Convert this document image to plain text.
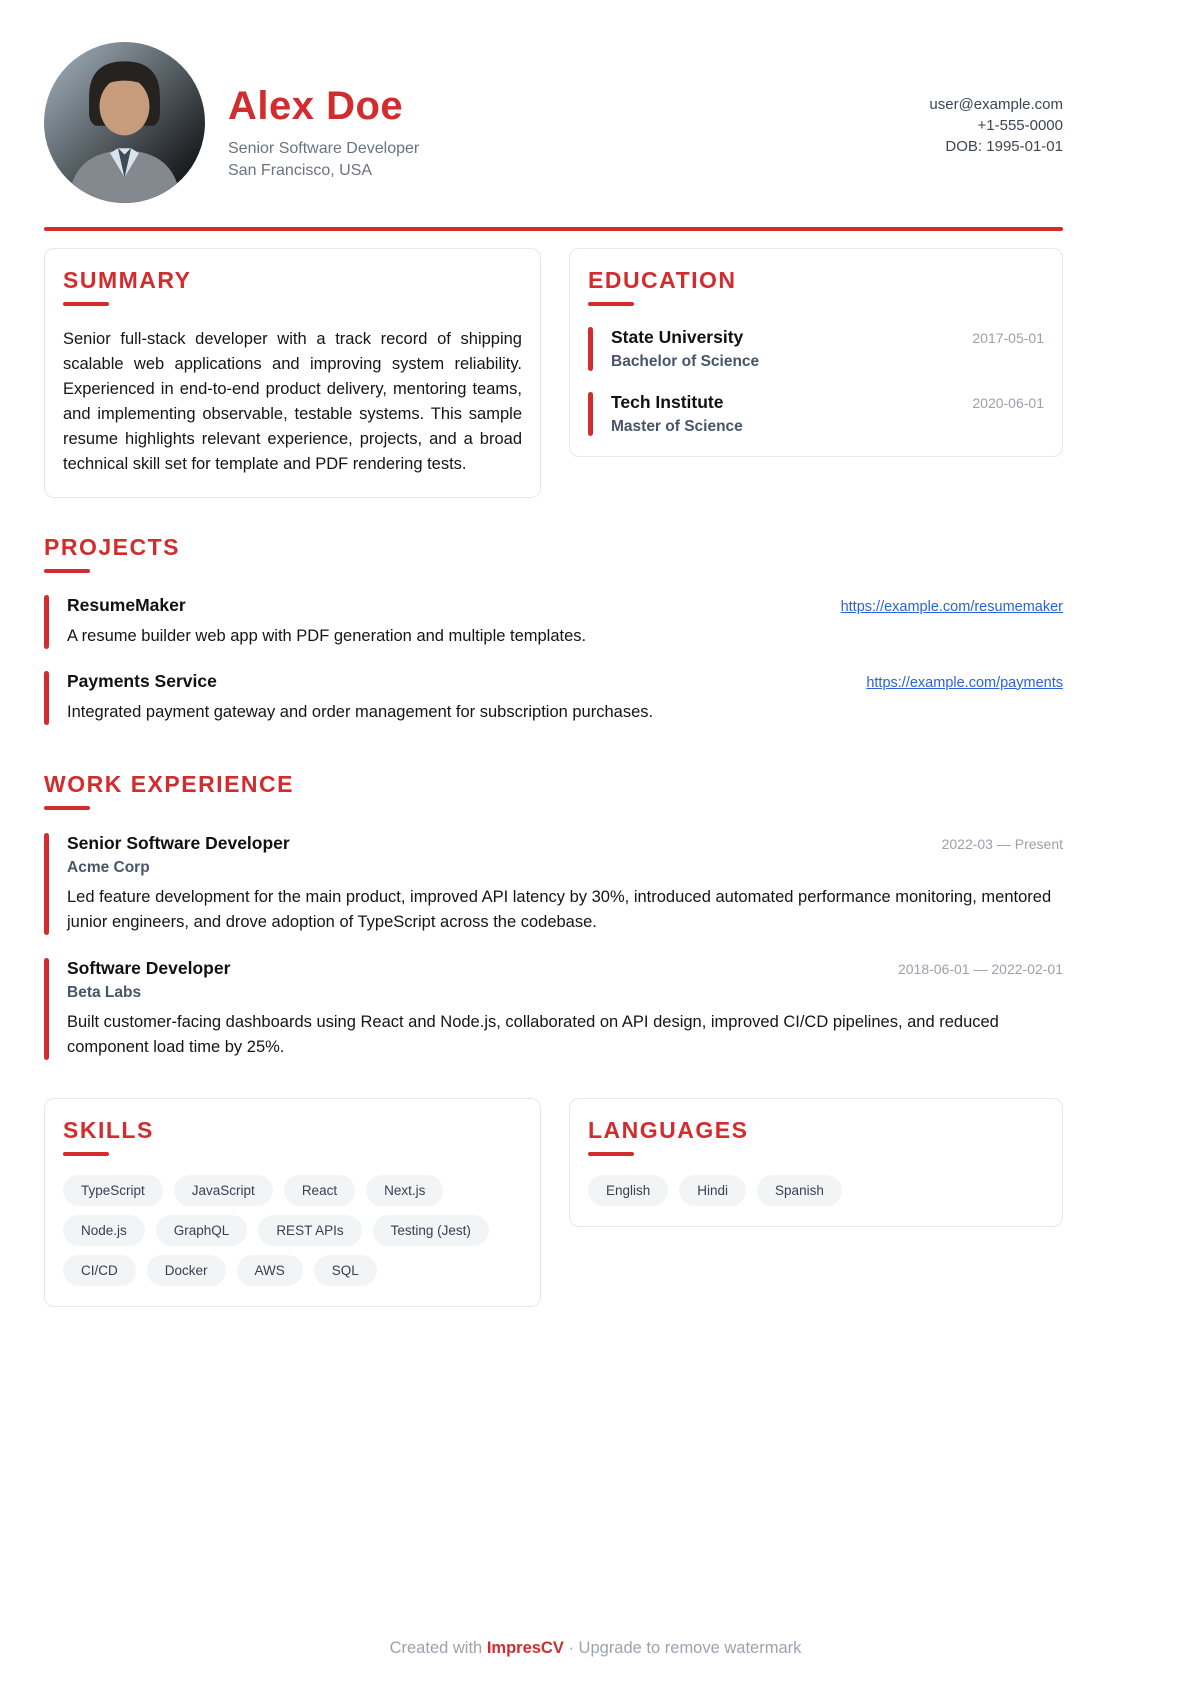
Alex Doe
Senior Software Developer
San Francisco, USA
user@example.com
+1-555-0000
DOB: 1995-01-01
SUMMARY

Senior full-stack developer with a track record of shipping scalable web applications and improving system reliability. Experienced in end-to-end product delivery, mentoring teams, and implementing observable, testable systems. This sample resume highlights relevant experience, projects, and a broad technical skill set for template and PDF rendering tests.

EDUCATION
State University	2017-05-01
Bachelor of Science
Tech Institute	2020-06-01
Master of Science
PROJECTS
ResumeMaker	https://example.com/resumemaker
A resume builder web app with PDF generation and multiple templates.
Payments Service	https://example.com/payments
Integrated payment gateway and order management for subscription purchases.
WORK EXPERIENCE
Senior Software Developer	2022-03 — Present
Acme Corp
Led feature development for the main product, improved API latency by 30%, introduced automated performance monitoring, mentored junior engineers, and drove adoption of TypeScript across the codebase.
Software Developer	2018-06-01 — 2022-02-01
Beta Labs
Built customer-facing dashboards using React and Node.js, collaborated on API design, improved CI/CD pipelines, and reduced component load time by 25%.
SKILLS
TypeScript	JavaScript	React	Next.js
Node.js	GraphQL	REST APIs	Testing (Jest)
CI/CD	Docker	AWS	SQL
LANGUAGES
English	Hindi	Spanish
Created with ImpresCV · Upgrade to remove watermark
